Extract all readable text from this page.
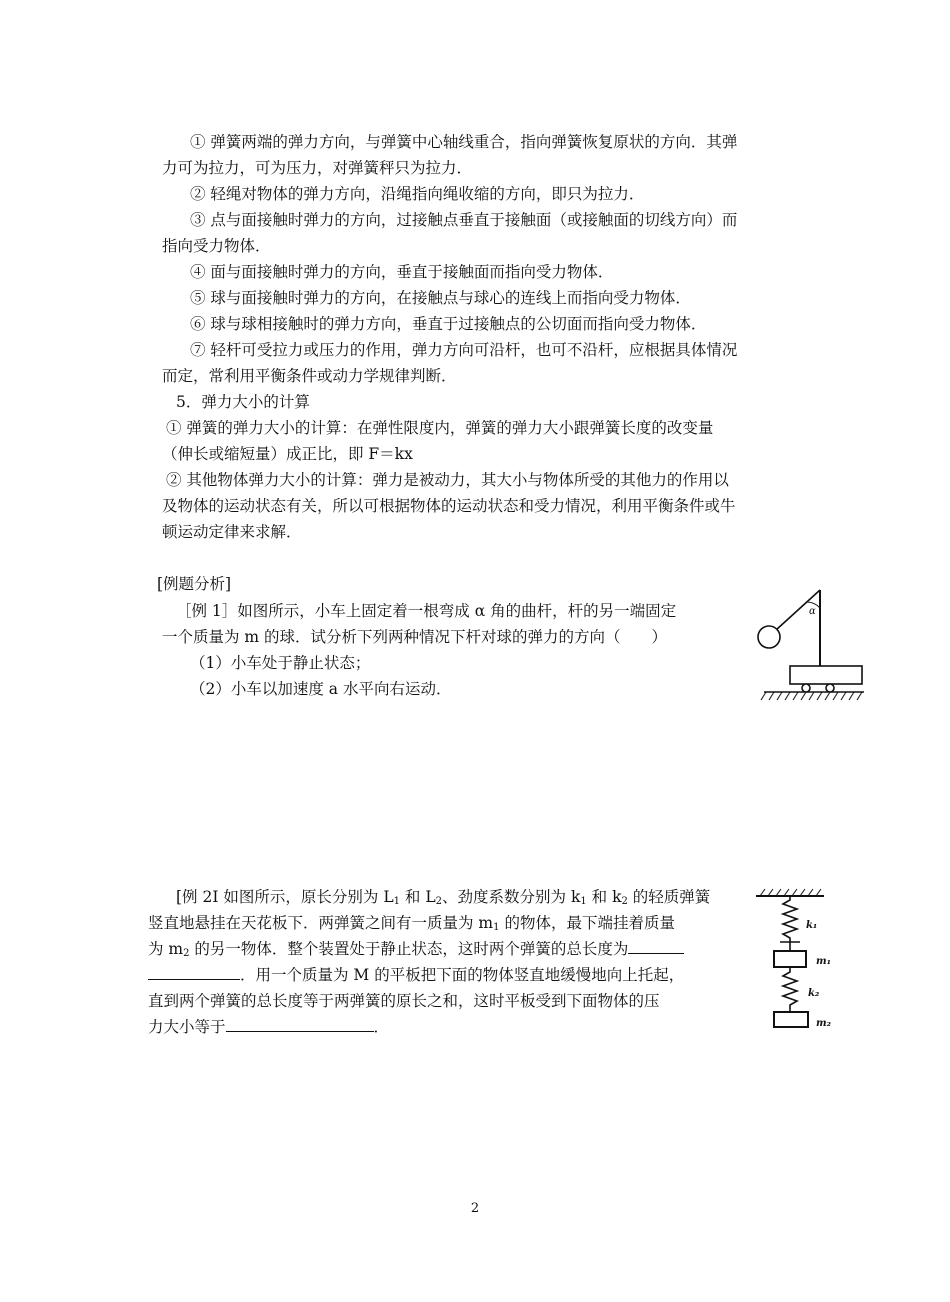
① 弹簧两端的弹力方向，与弹簧中心轴线重合，指向弹簧恢复原状的方向．其弹
力可为拉力，可为压力，对弹簧秤只为拉力．
② 轻绳对物体的弹力方向，沿绳指向绳收缩的方向，即只为拉力．
③ 点与面接触时弹力的方向，过接触点垂直于接触面（或接触面的切线方向）而
指向受力物体．
④ 面与面接触时弹力的方向，垂直于接触面而指向受力物体．
⑤ 球与面接触时弹力的方向，在接触点与球心的连线上而指向受力物体．
⑥ 球与球相接触时的弹力方向，垂直于过接触点的公切面而指向受力物体．
⑦ 轻杆可受拉力或压力的作用，弹力方向可沿杆，也可不沿杆，应根据具体情况
而定，常利用平衡条件或动力学规律判断．
5．弹力大小的计算
① 弹簧的弹力大小的计算：在弹性限度内，弹簧的弹力大小跟弹簧长度的改变量
（伸长或缩短量）成正比，即 F＝kx
② 其他物体弹力大小的计算：弹力是被动力，其大小与物体所受的其他力的作用以
及物体的运动状态有关，所以可根据物体的运动状态和受力情况，利用平衡条件或牛
顿运动定律来求解．
[例题分析]
［例 1］如图所示，小车上固定着一根弯成 α 角的曲杆，杆的另一端固定
一个质量为 m 的球．试分析下列两种情况下杆对球的弹力的方向（　　）
（1）小车处于静止状态；
（2）小车以加速度 a 水平向右运动．
α
[例 2I 如图所示，原长分别为 $L_1$ 和 $L_2$、劲度系数分别为 $k_1$ 和 $k_2$ 的轻质弹簧
竖直地悬挂在天花板下．两弹簧之间有一质量为 $m_1$ 的物体，最下端挂着质量
为 $m_2$ 的另一物体．整个装置处于静止状态，这时两个弹簧的总长度为
．用一个质量为 M 的平板把下面的物体竖直地缓慢地向上托起，
直到两个弹簧的总长度等于两弹簧的原长之和，这时平板受到下面物体的压
力大小等于	．
k₁
m₁
k₂
m₂
2
